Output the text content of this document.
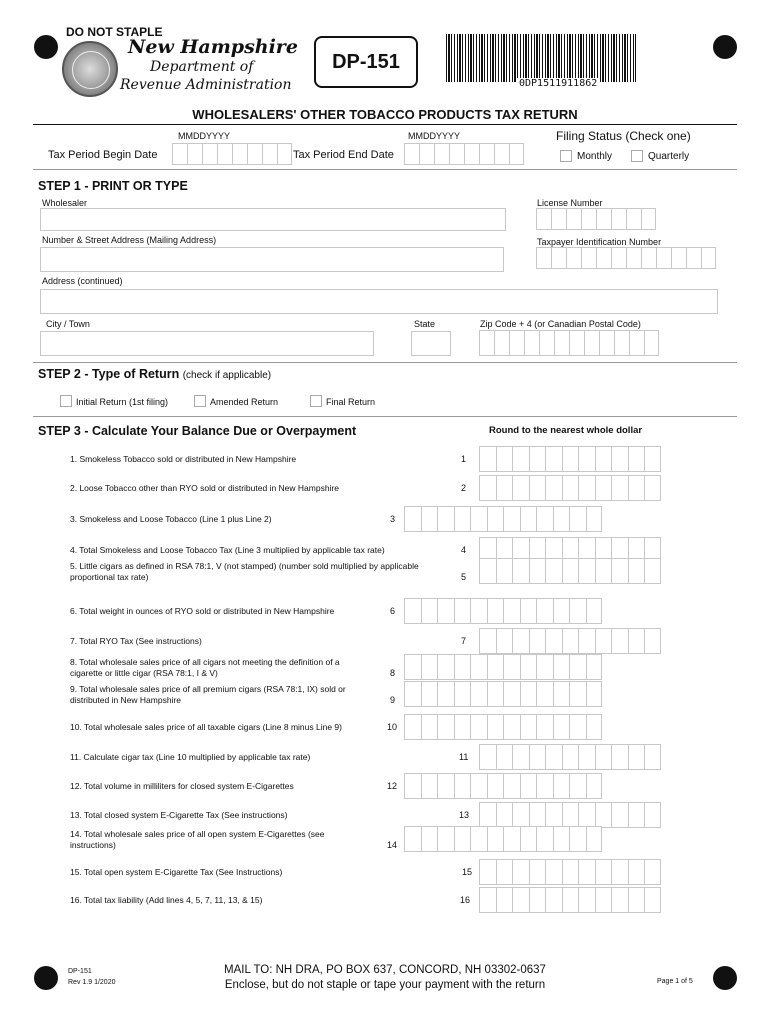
DO NOT STAPLE
New Hampshire
Department of
Revenue Administration
DP-151
0DP1511911862
WHOLESALERS' OTHER TOBACCO PRODUCTS TAX RETURN
MMDDYYYY	MMDDYYYY	Filing Status (Check one)
Tax Period Begin Date	Tax Period End Date	Monthly	Quarterly
STEP 1 - PRINT OR TYPE
Wholesaler	License Number
Number & Street Address (Mailing Address)	Taxpayer Identification Number
Address (continued)
City / Town	State	Zip Code + 4 (or Canadian Postal Code)
STEP 2 - Type of Return (check if applicable)
Initial Return (1st filing)	Amended Return	Final Return
STEP 3 - Calculate Your Balance Due or Overpayment	Round to the nearest whole dollar
1. Smokeless Tobacco sold or distributed in New Hampshire	1
2. Loose Tobacco other than RYO sold or distributed in New Hampshire	2
3. Smokeless and Loose Tobacco (Line 1 plus Line 2)	3
4. Total Smokeless and Loose Tobacco Tax (Line 3 multiplied by applicable tax rate)	4
5. Little cigars as defined in RSA 78:1, V (not stamped) (number sold multiplied by applicable proportional tax rate)	5
6. Total weight in ounces of RYO sold or distributed in New Hampshire	6
7. Total RYO Tax (See instructions)	7
8. Total wholesale sales price of all cigars not meeting the definition of a cigarette or little cigar (RSA 78:1, I & V)	8
9. Total wholesale sales price of all premium cigars (RSA 78:1, IX) sold or distributed in New Hampshire	9
10. Total wholesale sales price of all taxable cigars (Line 8 minus Line 9)	10
11. Calculate cigar tax (Line 10 multiplied by applicable tax rate)	11
12. Total volume in milliliters for closed system E-Cigarettes	12
13. Total closed system E-Cigarette Tax (See instructions)	13
14. Total wholesale sales price of all open system E-Cigarettes (see instructions)	14
15. Total open system E-Cigarette Tax (See Instructions)	15
16. Total tax liability (Add lines 4, 5, 7, 11, 13, & 15)	16
DP-151
Rev 1.9 1/2020
MAIL TO: NH DRA, PO BOX 637, CONCORD, NH 03302-0637
Enclose, but do not staple or tape your payment with the return	Page 1 of 5
